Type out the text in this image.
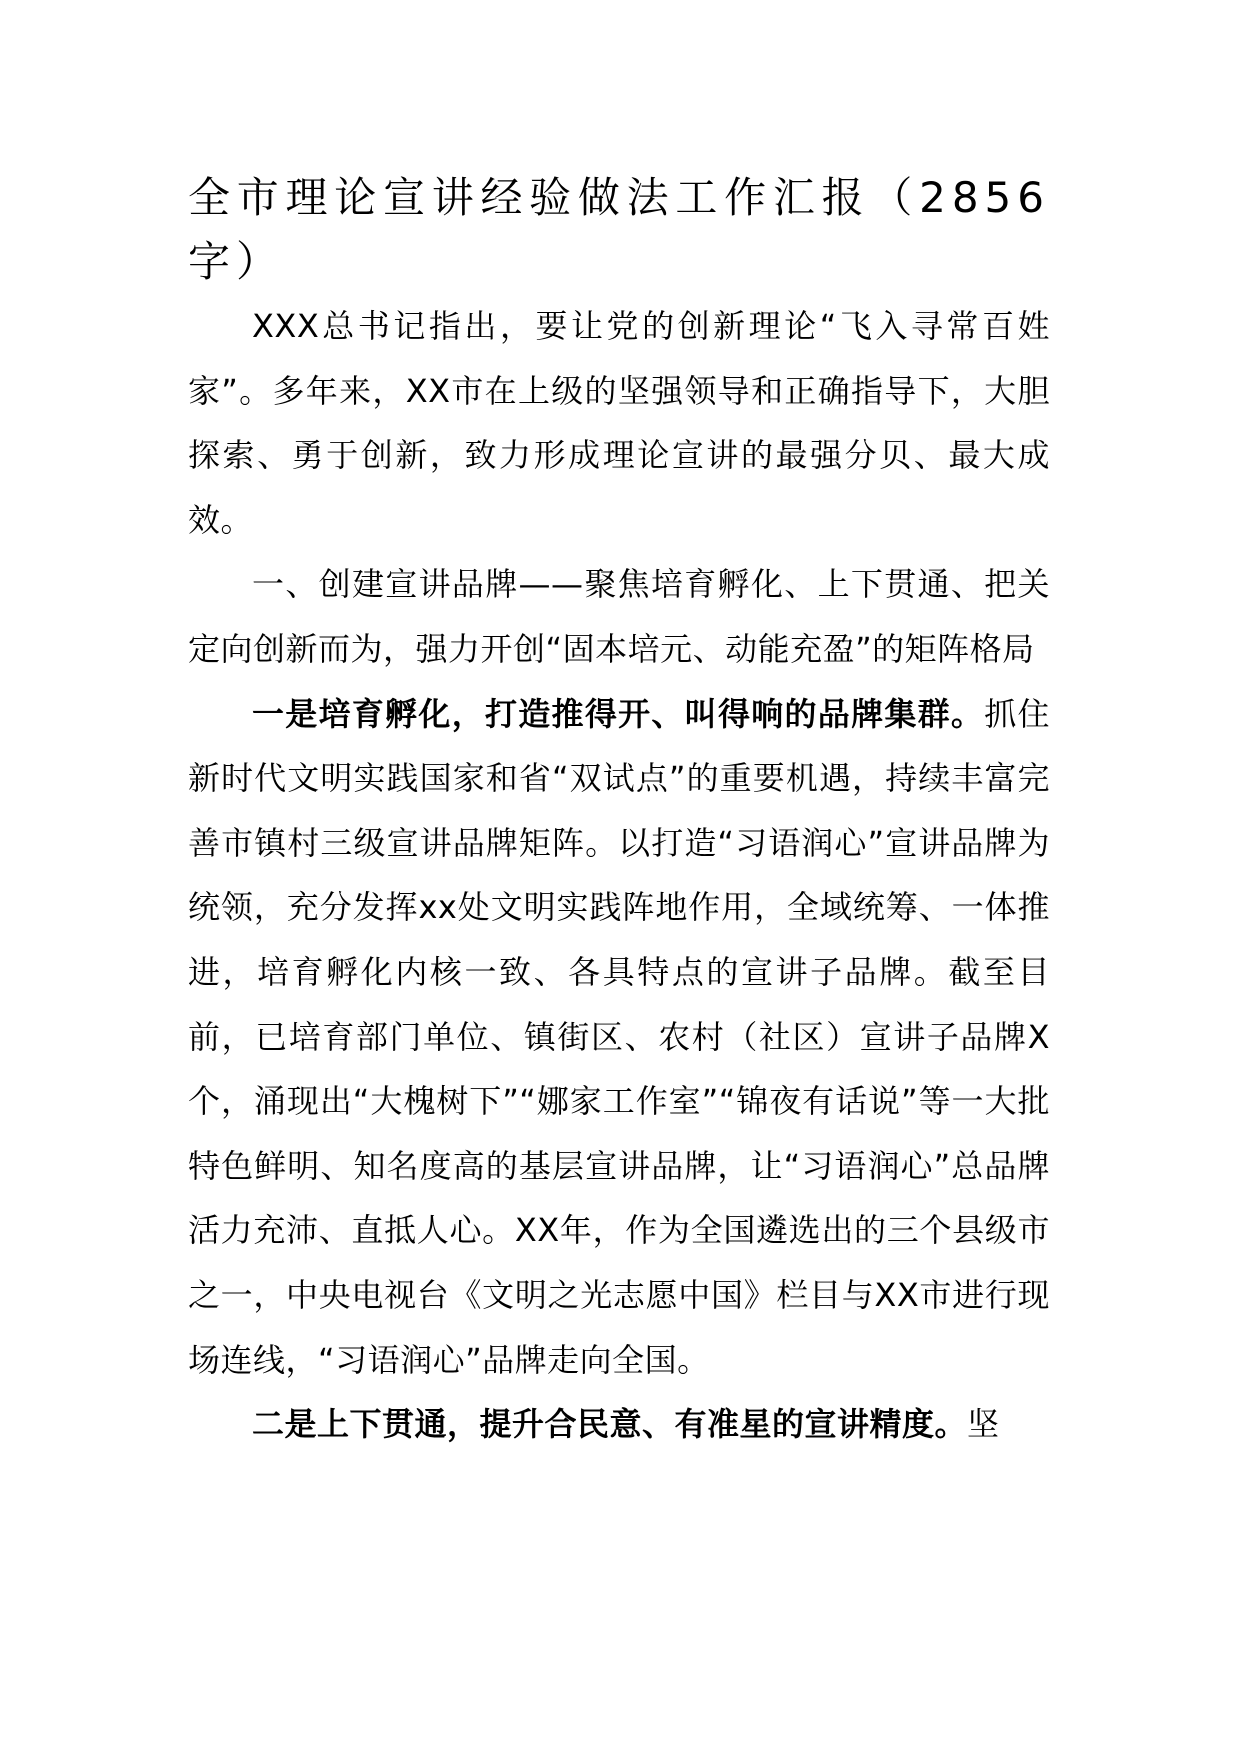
全市理论宣讲经验做法工作汇报（2856字）

XXX总书记指出，要让党的创新理论“飞入寻常百姓家”。多年来，XX市在上级的坚强领导和正确指导下，大胆探索、勇于创新，致力形成理论宣讲的最强分贝、最大成效。

一、创建宣讲品牌——聚焦培育孵化、上下贯通、把关定向创新而为，强力开创“固本培元、动能充盈”的矩阵格局

一是培育孵化，打造推得开、叫得响的品牌集群。抓住新时代文明实践国家和省“双试点”的重要机遇，持续丰富完善市镇村三级宣讲品牌矩阵。以打造“习语润心”宣讲品牌为统领，充分发挥xx处文明实践阵地作用，全域统筹、一体推进，培育孵化内核一致、各具特点的宣讲子品牌。截至目前，已培育部门单位、镇街区、农村（社区）宣讲子品牌X个，涌现出“大槐树下”“娜家工作室”“锦夜有话说”等一大批特色鲜明、知名度高的基层宣讲品牌，让“习语润心”总品牌活力充沛、直抵人心。XX年，作为全国遴选出的三个县级市之一，中央电视台《文明之光志愿中国》栏目与XX市进行现场连线，“习语润心”品牌走向全国。

二是上下贯通，提升合民意、有准星的宣讲精度。坚
